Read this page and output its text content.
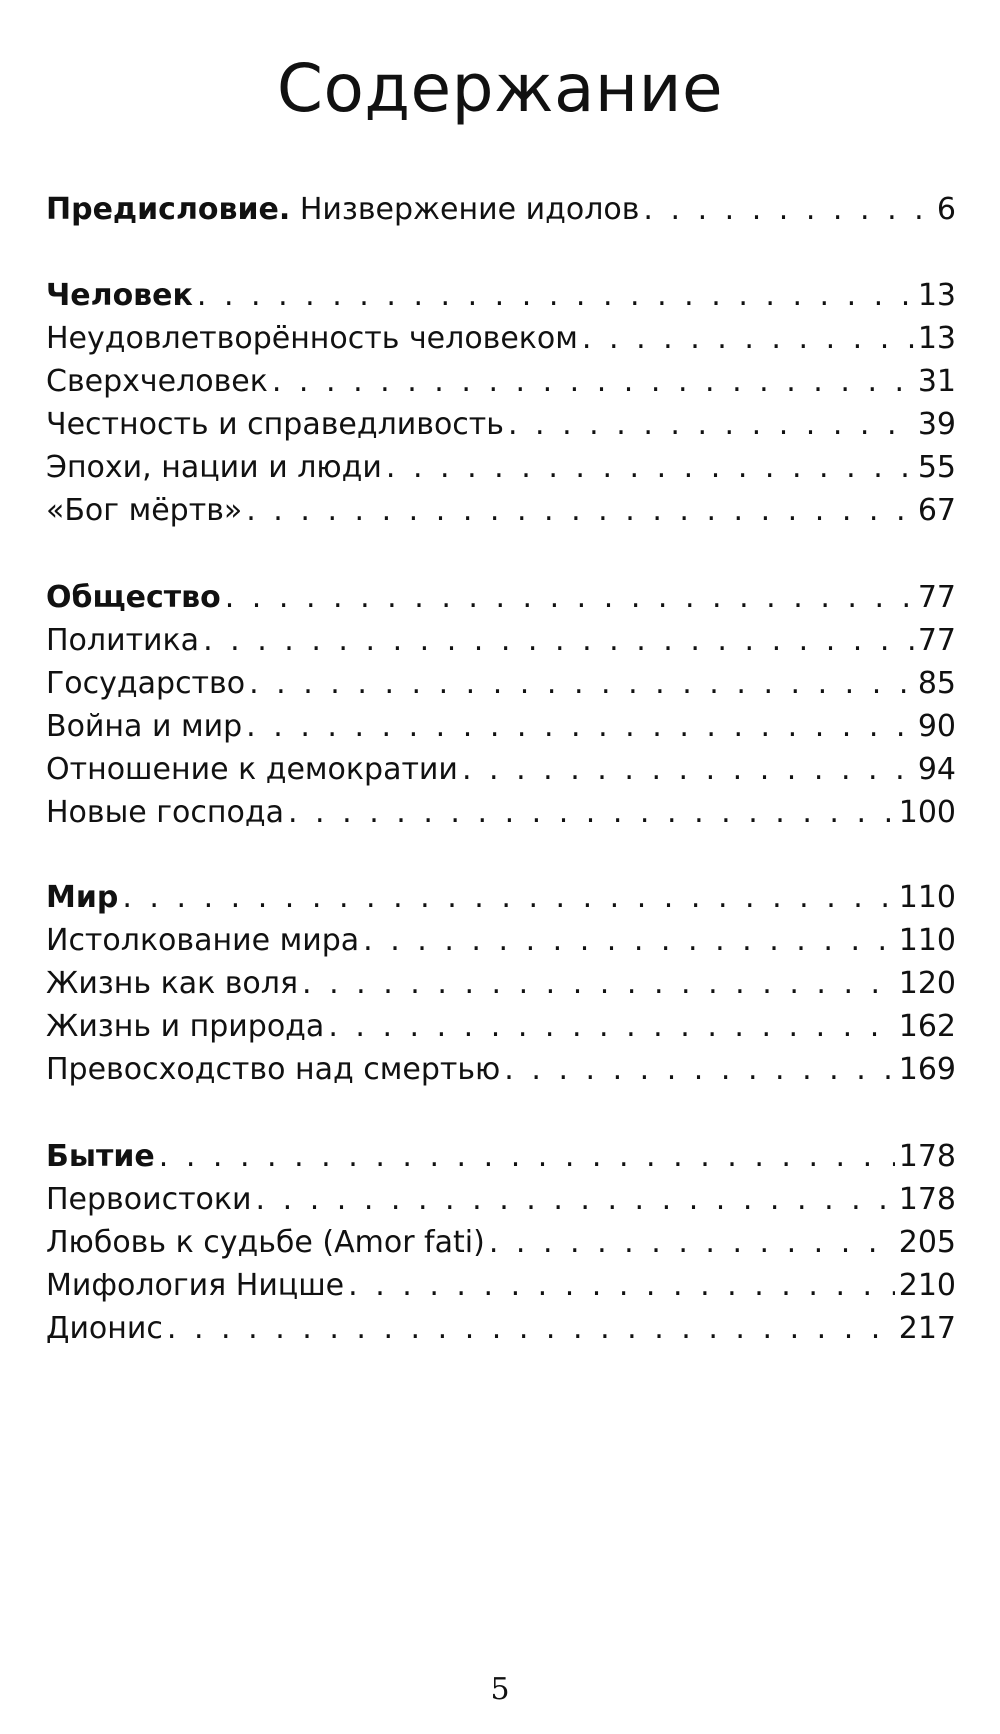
Содержание
Предисловие. Низвержение идолов . . .	6
Человек . . .	13
Неудовлетворённость человеком . . .	13
Сверхчеловек . . .	31
Честность и справедливость . . .	39
Эпохи, нации и люди . . .	55
«Бог мёртв» . . .	67
Общество . . .	77
Политика . . .	77
Государство . . .	85
Война и мир . . .	90
Отношение к демократии . . .	94
Новые господа . . .	100
Мир . . .	110
Истолкование мира . . .	110
Жизнь как воля . . .	120
Жизнь и природа . . .	162
Превосходство над смертью . . .	169
Бытие . . .	178
Первоистоки . . .	178
Любовь к судьбе (Amor fati) . . .	205
Мифология Ницше . . .	210
Дионис . . .	217
5
